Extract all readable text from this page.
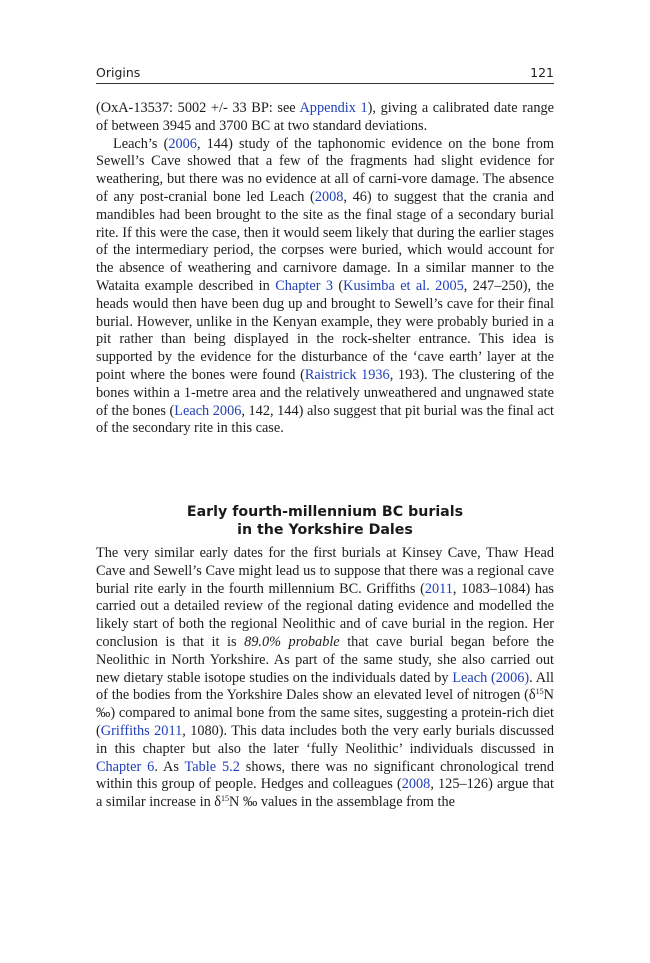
Origins	121

(OxA-13537: 5002 +/- 33 BP: see Appendix 1), giving a calibrated date range of between 3945 and 3700 BC at two standard deviations.

Leach’s (2006, 144) study of the taphonomic evidence on the bone from Sewell’s Cave showed that a few of the fragments had slight evidence for weathering, but there was no evidence at all of carni-vore damage. The absence of any post-cranial bone led Leach (2008, 46) to suggest that the crania and mandibles had been brought to the site as the final stage of a secondary burial rite. If this were the case, then it would seem likely that during the earlier stages of the intermediary period, the corpses were buried, which would account for the absence of weathering and carnivore damage. In a similar manner to the Wataita example described in Chapter 3 (Kusimba et al. 2005, 247–250), the heads would then have been dug up and brought to Sewell’s cave for their final burial. However, unlike in the Kenyan example, they were probably buried in a pit rather than being displayed in the rock-shelter entrance. This idea is supported by the evidence for the disturbance of the ‘cave earth’ layer at the point where the bones were found (Raistrick 1936, 193). The clustering of the bones within a 1-metre area and the relatively unweathered and ungnawed state of the bones (Leach 2006, 142, 144) also suggest that pit burial was the final act of the secondary rite in this case.

Early fourth-millennium BC burials
in the Yorkshire Dales

The very similar early dates for the first burials at Kinsey Cave, Thaw Head Cave and Sewell’s Cave might lead us to suppose that there was a regional cave burial rite early in the fourth millennium BC. Griffiths (2011, 1083–1084) has carried out a detailed review of the regional dating evidence and modelled the likely start of both the regional Neolithic and of cave burial in the region. Her conclusion is that it is 89.0% probable that cave burial began before the Neolithic in North Yorkshire. As part of the same study, she also carried out new dietary stable isotope studies on the individuals dated by Leach (2006). All of the bodies from the Yorkshire Dales show an elevated level of nitrogen ($\delta^{15}N$ ‰) compared to animal bone from the same sites, suggesting a protein-rich diet (Griffiths 2011, 1080). This data includes both the very early burials discussed in this chapter but also the later ‘fully Neolithic’ individuals discussed in Chapter 6. As Table 5.2 shows, there was no significant chronological trend within this group of people. Hedges and colleagues (2008, 125–126) argue that a similar increase in $\delta^{15}N$ ‰ values in the assemblage from the
